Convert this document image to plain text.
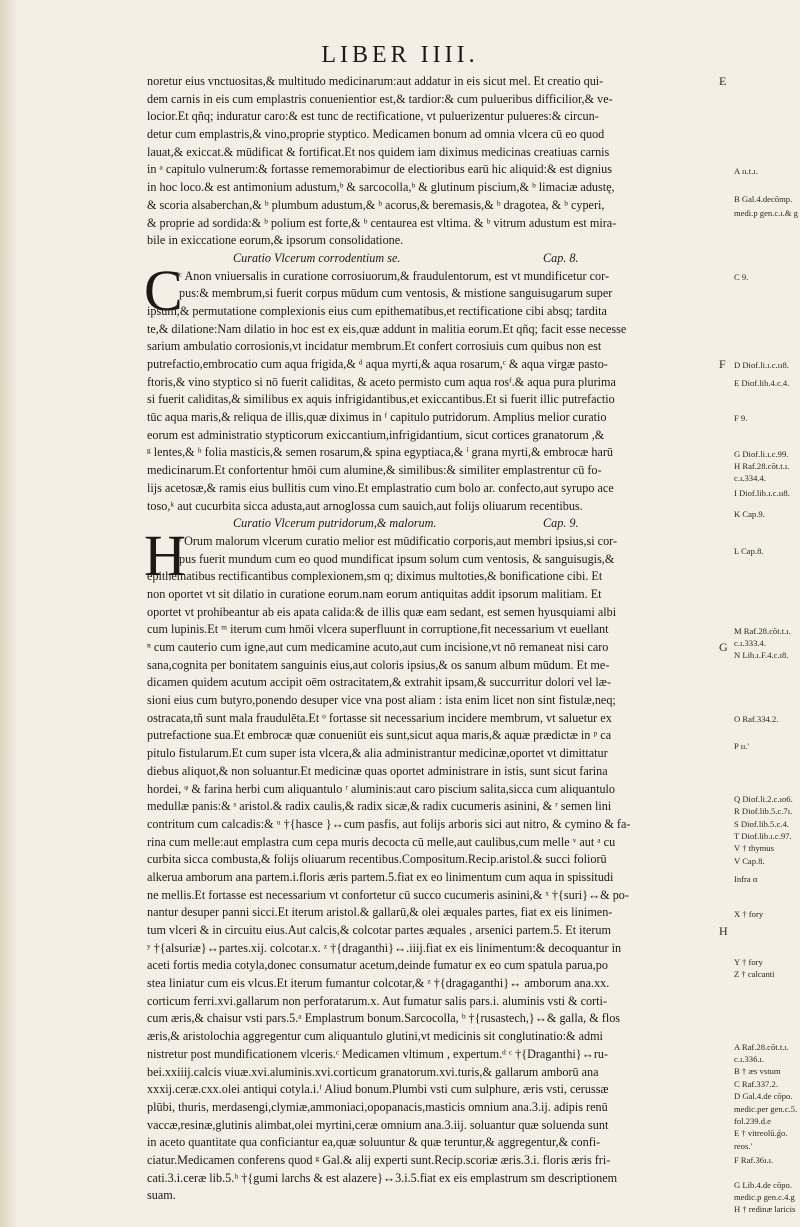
LIBER IIII.
noretur eius vnctuositas,& multitudo medicinarum:aut addatur in eis sicut mel. Et creatio qui-
dem carnis in eis cum emplastris conuenientior est,& tardior:& cum pulueribus difficilior,& ve-
locior.Et qñq; induratur caro:& est tunc de rectificatione, vt puluerizentur pulueres:& circun-
detur cum emplastris,& vino,proprie styptico. Medicamen bonum ad omnia vlcera cū eo quod
lauat,& exiccat.& mūdificat & fortificat.Et nos quidem iam diximus medicinas creatiuas carnis
in ᵃ capitulo vulnerum:& fortasse rememorabimur de electioribus earū hic aliquid:& est dignius
in hoc loco.& est antimonium adustum,ᵇ & sarcocolla,ᵇ & glutinum piscium,& ᵇ limaciæ adustę,
& scoria alsaberchan,& ᵇ plumbum adustum,& ᵇ acorus,& beremasis,& ᵇ dragotea, & ᵇ cyperi,
& proprie ad sordida:& ᵇ polium est forte,& ᵇ centaurea est vltima. & ᵇ vitrum adustum est mira-
bile in exiccatione eorum,& ipsorum consolidatione.
Curatio Vlcerum corrodentium se.	Cap. 8.
ᶜ Anon vniuersalis in curatione corrosiuorum,& fraudulentorum, est vt mundificetur cor-
pus:& membrum,si fuerit corpus mūdum cum ventosis, & mistione sanguisugarum super
ipsum,& permutatione complexionis eius cum epithematibus,et rectificatione cibi absq; tardita
te,& dilatione:Nam dilatio in hoc est ex eis,quæ addunt in malitia eorum.Et qñq; facit esse necesse
sarium ambulatio corrosionis,vt incidatur membrum.Et confert corrosiuis cum quibus non est
putrefactio,embrocatio cum aqua frigida,& ᵈ aqua myrti,& aqua rosarum,ᶜ & aqua virgæ pasto-
ftoris,& vino styptico si nō fuerit caliditas, & aceto permisto cum aqua rosᶠ.& aqua pura plurima
si fuerit caliditas,& similibus ex aquis infrigidantibus,et exiccantibus.Et si fuerit illic putrefactio
tūc aqua maris,& reliqua de illis,quæ diximus in ᶠ capitulo putridorum. Amplius melior curatio
eorum est administratio stypticorum exiccantium,infrigidantium, sicut cortices granatorum ,&
ᵍ lentes,& ʰ folia masticis,& semen rosarum,& spina egyptiaca,& ⁱ grana myrti,& embrocæ harū
medicinarum.Et confortentur hmōi cum alumine,& similibus:& similiter emplastrentur cū fo-
lijs acetosæ,& ramis eius bullitis cum vino.Et emplastratio cum bolo ar. confecto,aut syrupo ace
toso,ᵏ aut cucurbita sicca adusta,aut arnoglossa cum sauich,aut folijs oliuarum recentibus.
Curatio Vlcerum putridorum,& malorum.	Cap. 9.
ˡ Orum malorum vlcerum curatio melior est mūdificatio corporis,aut membri ipsius,si cor-
pus fuerit mundum cum eo quod mundificat ipsum solum cum ventosis, & sanguisugis,&
epithematibus rectificantibus complexionem,sm q; diximus multoties,& bonificatione cibi. Et
non oportet vt sit dilatio in curatione eorum.nam eorum antiquitas addit ipsorum malitiam. Et
oportet vt prohibeantur ab eis apata calida:& de illis quæ eam sedant, est semen hyusquiami albi
cum lupinis.Et ᵐ iterum cum hmōi vlcera superfluunt in corruptione,fit necessarium vt euellant
ⁿ cum cauterio cum igne,aut cum medicamine acuto,aut cum incisione,vt nō remaneat nisi caro
sana,cognita per bonitatem sanguinis eius,aut coloris ipsius,& os sanum album mūdum. Et me-
dicamen quidem acutum accipit oēm ostracitatem,& extrahit ipsam,& succurritur dolori vel læ-
sioni eius cum butyro,ponendo desuper vice vna post aliam : ista enim licet non sint fistulæ,neq;
ostracata,tñ sunt mala fraudulēta.Et ᵒ fortasse sit necessarium incidere membrum, vt saluetur ex
putrefactione sua.Et embrocæ quæ conueniūt eis sunt,sicut aqua maris,& aquæ prædictæ in ᵖ ca
pitulo fistularum.Et cum super ista vlcera,& alia administrantur medicinæ,oportet vt dimittatur
diebus aliquot,& non soluantur.Et medicinæ quas oportet administrare in istis, sunt sicut farina
hordei, ᵠ & farina herbi cum aliquantulo ʳ aluminis:aut caro piscium salita,sicca cum aliquantulo
medullæ panis:& ˢ aristol.& radix caulis,& radix sicæ,& radix cucumeris asinini, & ʳ semen lini
contritum cum calcadis:& ᵘ †{hasce }↔cum pasfis, aut folijs arboris sici aut nitro, & cymino & fa-
rina cum melle:aut emplastra cum cepa muris decocta cū melle,aut caulibus,cum melle ᵛ aut ᵃ cu
curbita sicca combusta,& folijs oliuarum recentibus.Compositum.Recip.aristol.& succi foliorū
alkerua amborum ana partem.i.floris æris partem.5.fiat ex eo linimentum cum aqua in spissitudi
ne mellis.Et fortasse est necessarium vt confortetur cū succo cucumeris asinini,& ˣ †{suri}↔& po-
nantur desuper panni sicci.Et iterum aristol.& gallarū,& olei æquales partes, fiat ex eis linimen-
tum vlceri & in circuitu eius.Aut calcis,& colcotar partes æquales , arsenici partem.5. Et iterum
ʸ †{alsuriæ}↔partes.xij. colcotar.x. ᶻ †{draganthi}↔.iiij.fiat ex eis linimentum:& decoquantur in
aceti fortis media cotyla,donec consumatur acetum,deinde fumatur ex eo cum spatula parua,po
stea liniatur cum eis vlcus.Et iterum fumantur colcotar,& ᶻ †{dragaganthi}↔ amborum ana.xx.
corticum ferri.xvi.gallarum non perforatarum.x. Aut fumatur salis pars.i. aluminis vsti & corti-
cum æris,& chaisur vsti pars.5.ᵃ Emplastrum bonum.Sarcocolla, ᵇ †{rusastech,}↔& galla, & flos
æris,& aristolochia aggregentur cum aliquantulo glutini,vt medicinis sit conglutinatio:& admi
nistretur post mundificationem vlceris.ᶜ Medicamen vltimum , expertum.ᵈ ᶜ †{Draganthi}↔ru-
bei.xxiiij.calcis viuæ.xvi.aluminis.xvi.corticum granatorum.xvi.turis,& gallarum amborū ana
xxxij.ceræ.cxx.olei antiqui cotyla.i.ᶠ Aliud bonum.Plumbi vsti cum sulphure, æris vsti, cerussæ
plūbi, thuris, merdasengi,clymiæ,ammoniaci,opopanacis,masticis omnium ana.3.ij. adipis renū
vaccæ,resinæ,glutinis alimbat,olei myrtini,ceræ omnium ana.3.iij. soluantur quæ soluenda sunt
in aceto quantitate qua conficiantur ea,quæ soluuntur & quæ teruntur,& aggregentur,& confi-
ciatur.Medicamen conferens quod ᵍ Gal.& alij experti sunt.Recip.scoriæ æris.3.i. floris æris fri-
cati.3.i.ceræ lib.5.ʰ †{gumi larchs & est alazere}↔3.i.5.fiat ex eis emplastrum sm descriptionem
suam.
A ıı.t.ı.
B Gal.4.decōmp.
medi.p gen.c.ı.& g
C 9.
D Diof.li.ı.c.ıı8.
E Diof.lib.4.c.4.
F 9.
G Diof.li.ı.c.99.
H Raf.28.cōt.t.ı.
c.ı.334.4.
I Diof.lib.ı.c.ıı8.
K Cap.9.
L Cap.8.
M Raf.28.cōt.t.ı.
c.ı.333.4.
N Lib.ı.F.4.c.ı8.
O Raf.334.2.
P ıı.'
Q Diof.li.2.c.ıo6.
R Diof.lib.5.c.7ı.
S Diof.lib.5.c.4.
T Diof.lib.ı.c.97.
V † thymus
V Cap.8.
Infra α
X † fory
Y † fory
Z † calcanti
A Raf.28.cōt.t.ı.
c.ı.336.ı.
B † æs vstum
C Raf.337.2.
D Gal.4.de cōpo.
medic.per gen.c.5.
fol.239.d.e
E † vitreolū.ǵo.
reos.'
F Raf.36ı.ı.
G Lib.4.de cōpo.
medic.p gen.c.4.g
H † redinæ laricis
C
H
E
F
G
H
